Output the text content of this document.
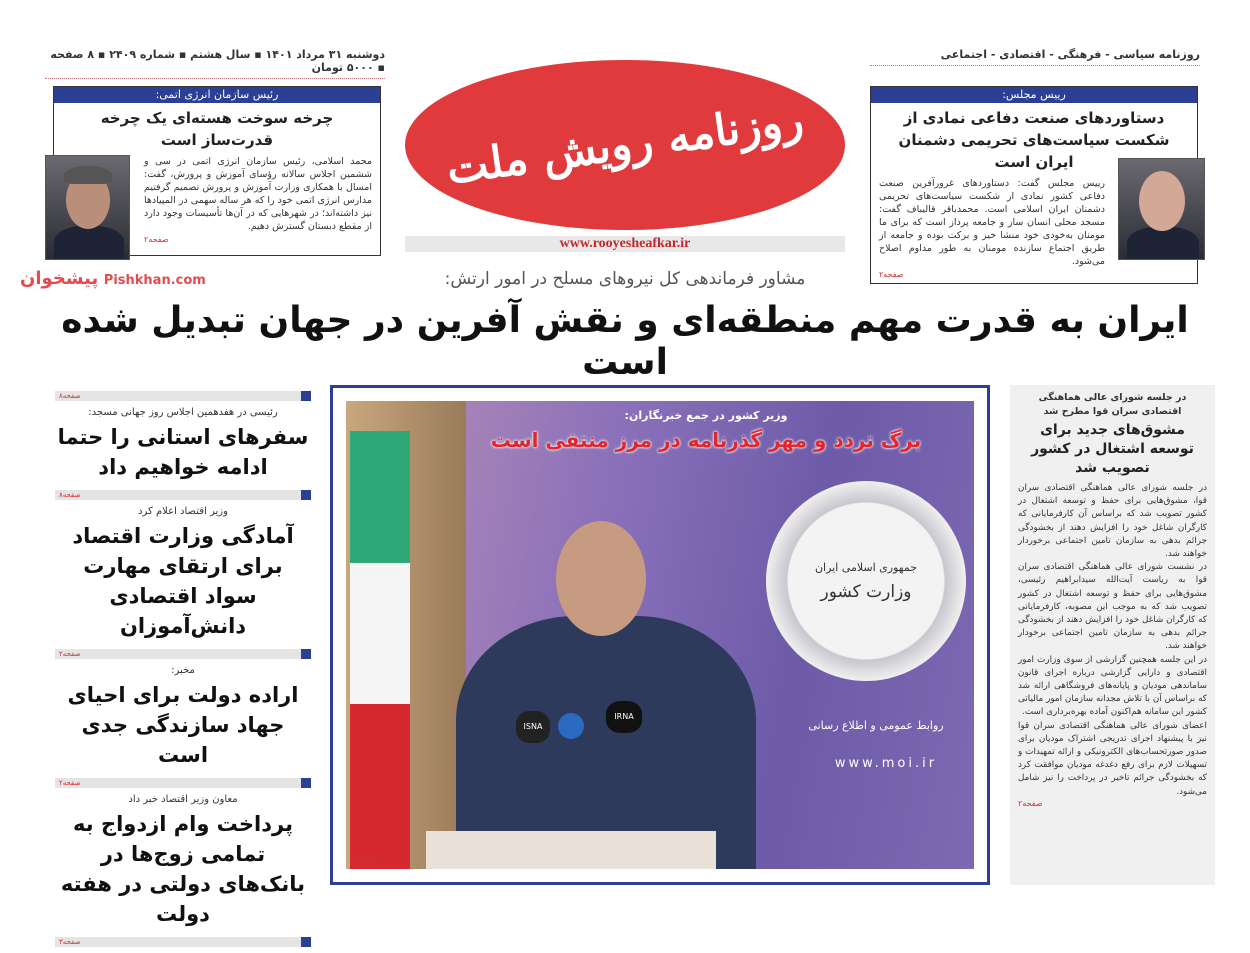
دوشنبه ۳۱ مرداد ۱۴۰۱ ▪ سال هشتم ▪ شماره ۲۴۰۹ ▪ ۸ صفحه ▪ ۵۰۰۰ تومان
روزنامه سیاسی - فرهنگی - اقتصادی - اجتماعی
رئیس سازمان انرژی اتمی:
چرخه سوخت هسته‌ای یک چرخه قدرت‌ساز است
محمد اسلامی، رئیس سازمان انرژی اتمی در سی و ششمین اجلاس سالانه رؤسای آموزش و پرورش، گفت: امسال با همکاری وزارت آموزش و پرورش تصمیم گرفتیم مدارس انرژی اتمی خود را که هر ساله سهمی در المپیادها نیز داشته‌اند؛ در شهرهایی که در آن‌ها تأسیسات وجود دارد از مقطع دبستان گسترش دهیم.
صفحه۲
روزنامه رویش ملت
www.rooyesheafkar.ir
رییس مجلس:
دستاوردهای صنعت دفاعی نمادی از شکست سیاست‌های تحریمی دشمنان ایران است
رییس مجلس گفت: دستاوردهای غرورآفرین صنعت دفاعی کشور نمادی از شکست سیاست‌های تحریمی دشمنان ایران اسلامی است. محمدباقر قالیباف گفت: مسجد محلی انسان ساز و جامعه پرداز است که برای ما مومنان به‌خودی خود منشا خیر و برکت بوده و جامعه از طریق اجتماع سازنده مومنان به طور مداوم اصلاح می‌شود.
صفحه۲
پیشخوان Pishkhan.com	مشاور فرماندهی کل نیروهای مسلح در امور ارتش:
ایران به قدرت مهم منطقه‌ای و نقش آفرین در جهان تبدیل شده است
صفحه۸
رئیسی در هفدهمین اجلاس روز جهانی مسجد:
سفرهای استانی را حتما ادامه خواهیم داد
صفحه۸
وزیر اقتصاد اعلام کرد
آمادگی وزارت اقتصاد برای ارتقای مهارت سواد اقتصادی دانش‌آموزان
صفحه۲
مخبر:
اراده دولت برای احیای جهاد سازندگی جدی است
صفحه۲
معاون وزیر اقتصاد خبر داد
پرداخت وام ازدواج به تمامی زوج‌ها در بانک‌های دولتی در هفته دولت
صفحه۳
وزیر کشور در جمع خبرنگاران:
برگ تردد و مهر گذرنامه در مرز منتفی است
جمهوری اسلامی ایران
وزارت کشور
روابط عمومی و اطلاع رسانی
www.moi.ir
ISNA
IRNA
صفحه۲
در جلسه شورای عالی هماهنگی اقتصادی سران قوا مطرح شد
مشوق‌های جدید برای توسعه اشتغال در کشور تصویب شد

در جلسه شورای عالی هماهنگی اقتصادی سران قوا، مشوق‌هایی برای حفظ و توسعه اشتغال در کشور تصویب شد که براساس آن کارفرمایانی که کارگران شاغل خود را افزایش دهند از بخشودگی جرائم بدهی به سازمان تامین اجتماعی برخوردار خواهند شد.

در نشست شورای عالی هماهنگی اقتصادی سران قوا به ریاست آیت‌الله سیدابراهیم رئیسی، مشوق‌هایی برای حفظ و توسعه اشتغال در کشور تصویب شد که به موجب این مصوبه، کارفرمایانی که کارگران شاغل خود را افزایش دهند از بخشودگی جرائم بدهی به سازمان تامین اجتماعی برخودار خواهند شد.

در این جلسه همچنین گزارشی از سوی وزارت امور اقتصادی و دارایی گزارشی درباره اجرای قانون ساماندهی مودیان و پایانه‌های فروشگاهی ارائه شد که براساس آن با تلاش مجدانه سازمان امور مالیاتی کشور این سامانه هم‌اکنون آماده بهره‌برداری است.

اعضای شورای عالی هماهنگی اقتصادی سران قوا نیز با پیشنهاد اجرای تدریجی اشتراک مودیان برای صدور صورتحساب‌های الکترونیکی و ارائه تمهیدات و تسهیلات لازم برای رفع دغدغه مودیان موافقت کرد که بخشودگی جرائم تاخیر در پرداخت را نیز شامل می‌شود.

صفحه۲
